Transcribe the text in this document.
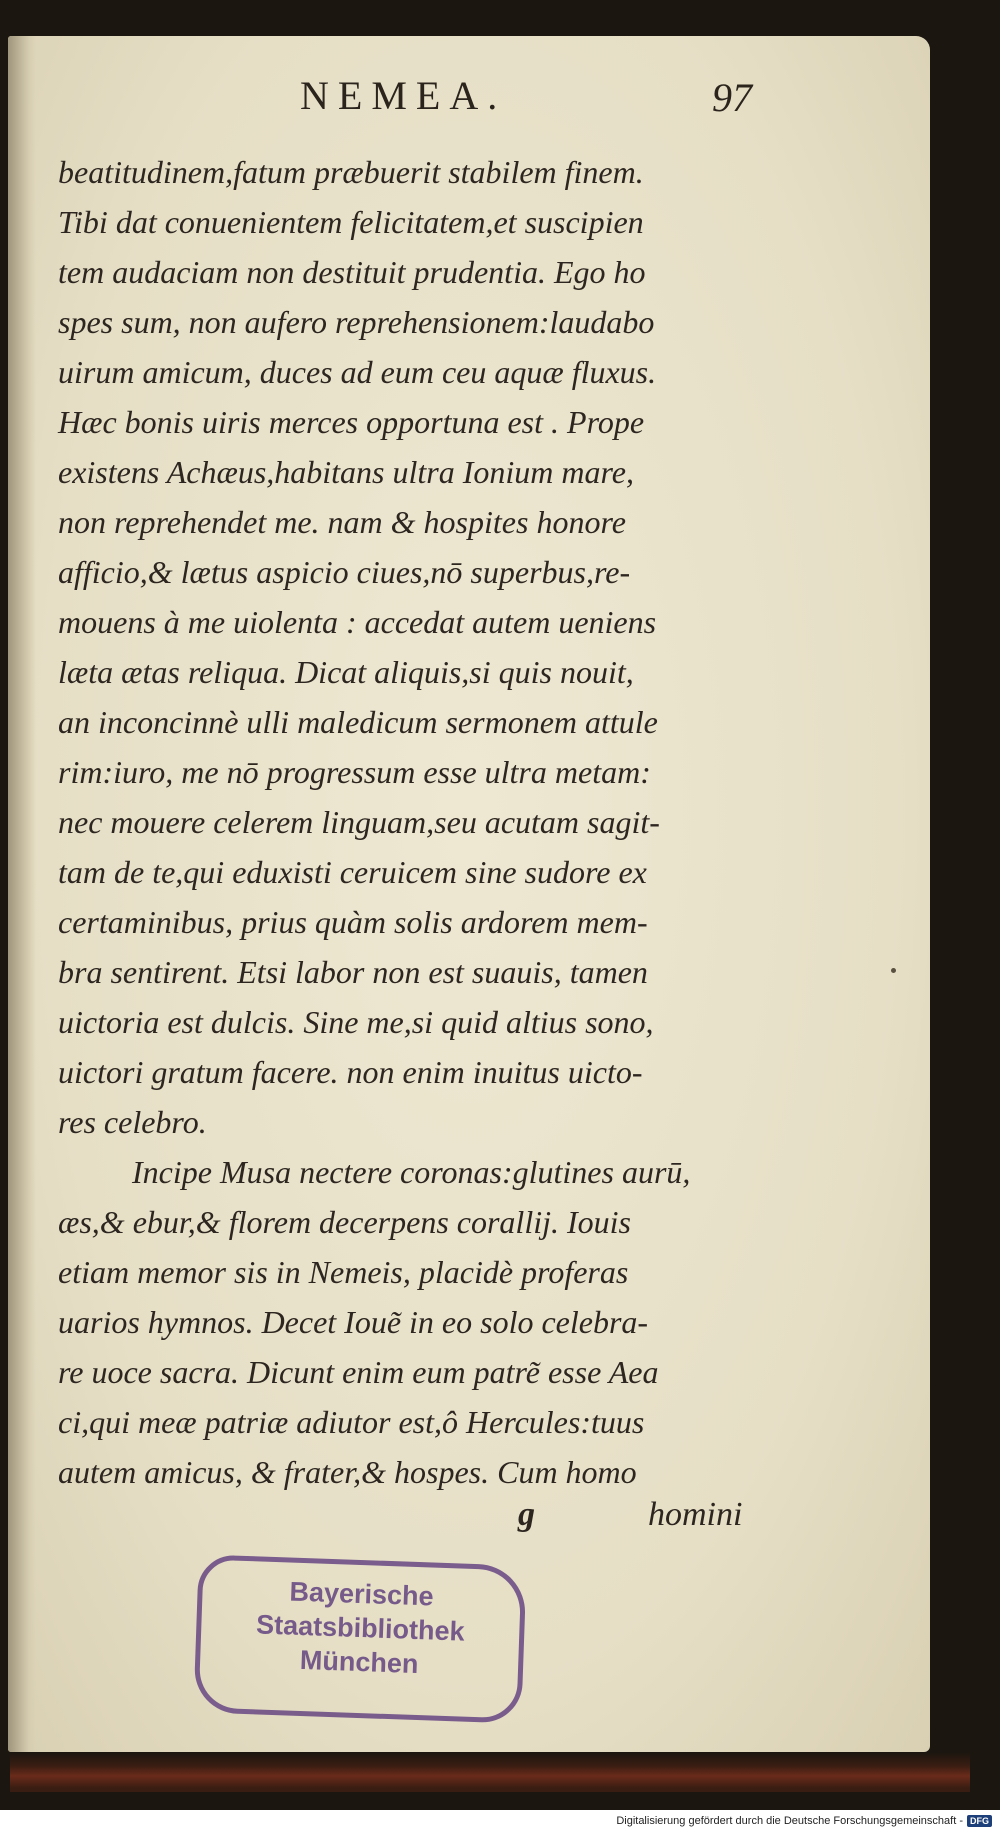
NEMEA.	97
beatitudinem,fatum præbuerit stabilem finem.
Tibi dat conuenientem felicitatem,et suscipien
tem audaciam non destituit prudentia. Ego ho
spes sum, non aufero reprehensionem:laudabo
uirum amicum, duces ad eum ceu aquæ fluxus.
Hæc bonis uiris merces opportuna est . Prope
existens Achæus,habitans ultra Ionium mare,
non reprehendet me. nam & hospites honore
afficio,& lætus aspicio ciues,nō superbus,re-
mouens à me uiolenta : accedat autem ueniens
læta ætas reliqua. Dicat aliquis,si quis nouit,
an inconcinnè ulli maledicum sermonem attule
rim:iuro, me nō progressum esse ultra metam:
nec mouere celerem linguam,seu acutam sagit-
tam de te,qui eduxisti ceruicem sine sudore ex
certaminibus, prius quàm solis ardorem mem-
bra sentirent. Etsi labor non est suauis, tamen
uictoria est dulcis. Sine me,si quid altius sono,
uictori gratum facere. non enim inuitus uicto-
res celebro.
Incipe Musa nectere coronas:glutines aurū,
æs,& ebur,& florem decerpens corallij. Iouis
etiam memor sis in Nemeis, placidè proferas
uarios hymnos. Decet Ioue͂ in eo solo celebra-
re uoce sacra. Dicunt enim eum patre͂ esse Aea
ci,qui meæ patriæ adiutor est,ô Hercules:tuus
autem amicus, & frater,& hospes. Cum homo
g	homini
Bayerische
Staatsbibliothek
München
Digitalisierung gefördert durch die Deutsche Forschungsgemeinschaft - DFG
